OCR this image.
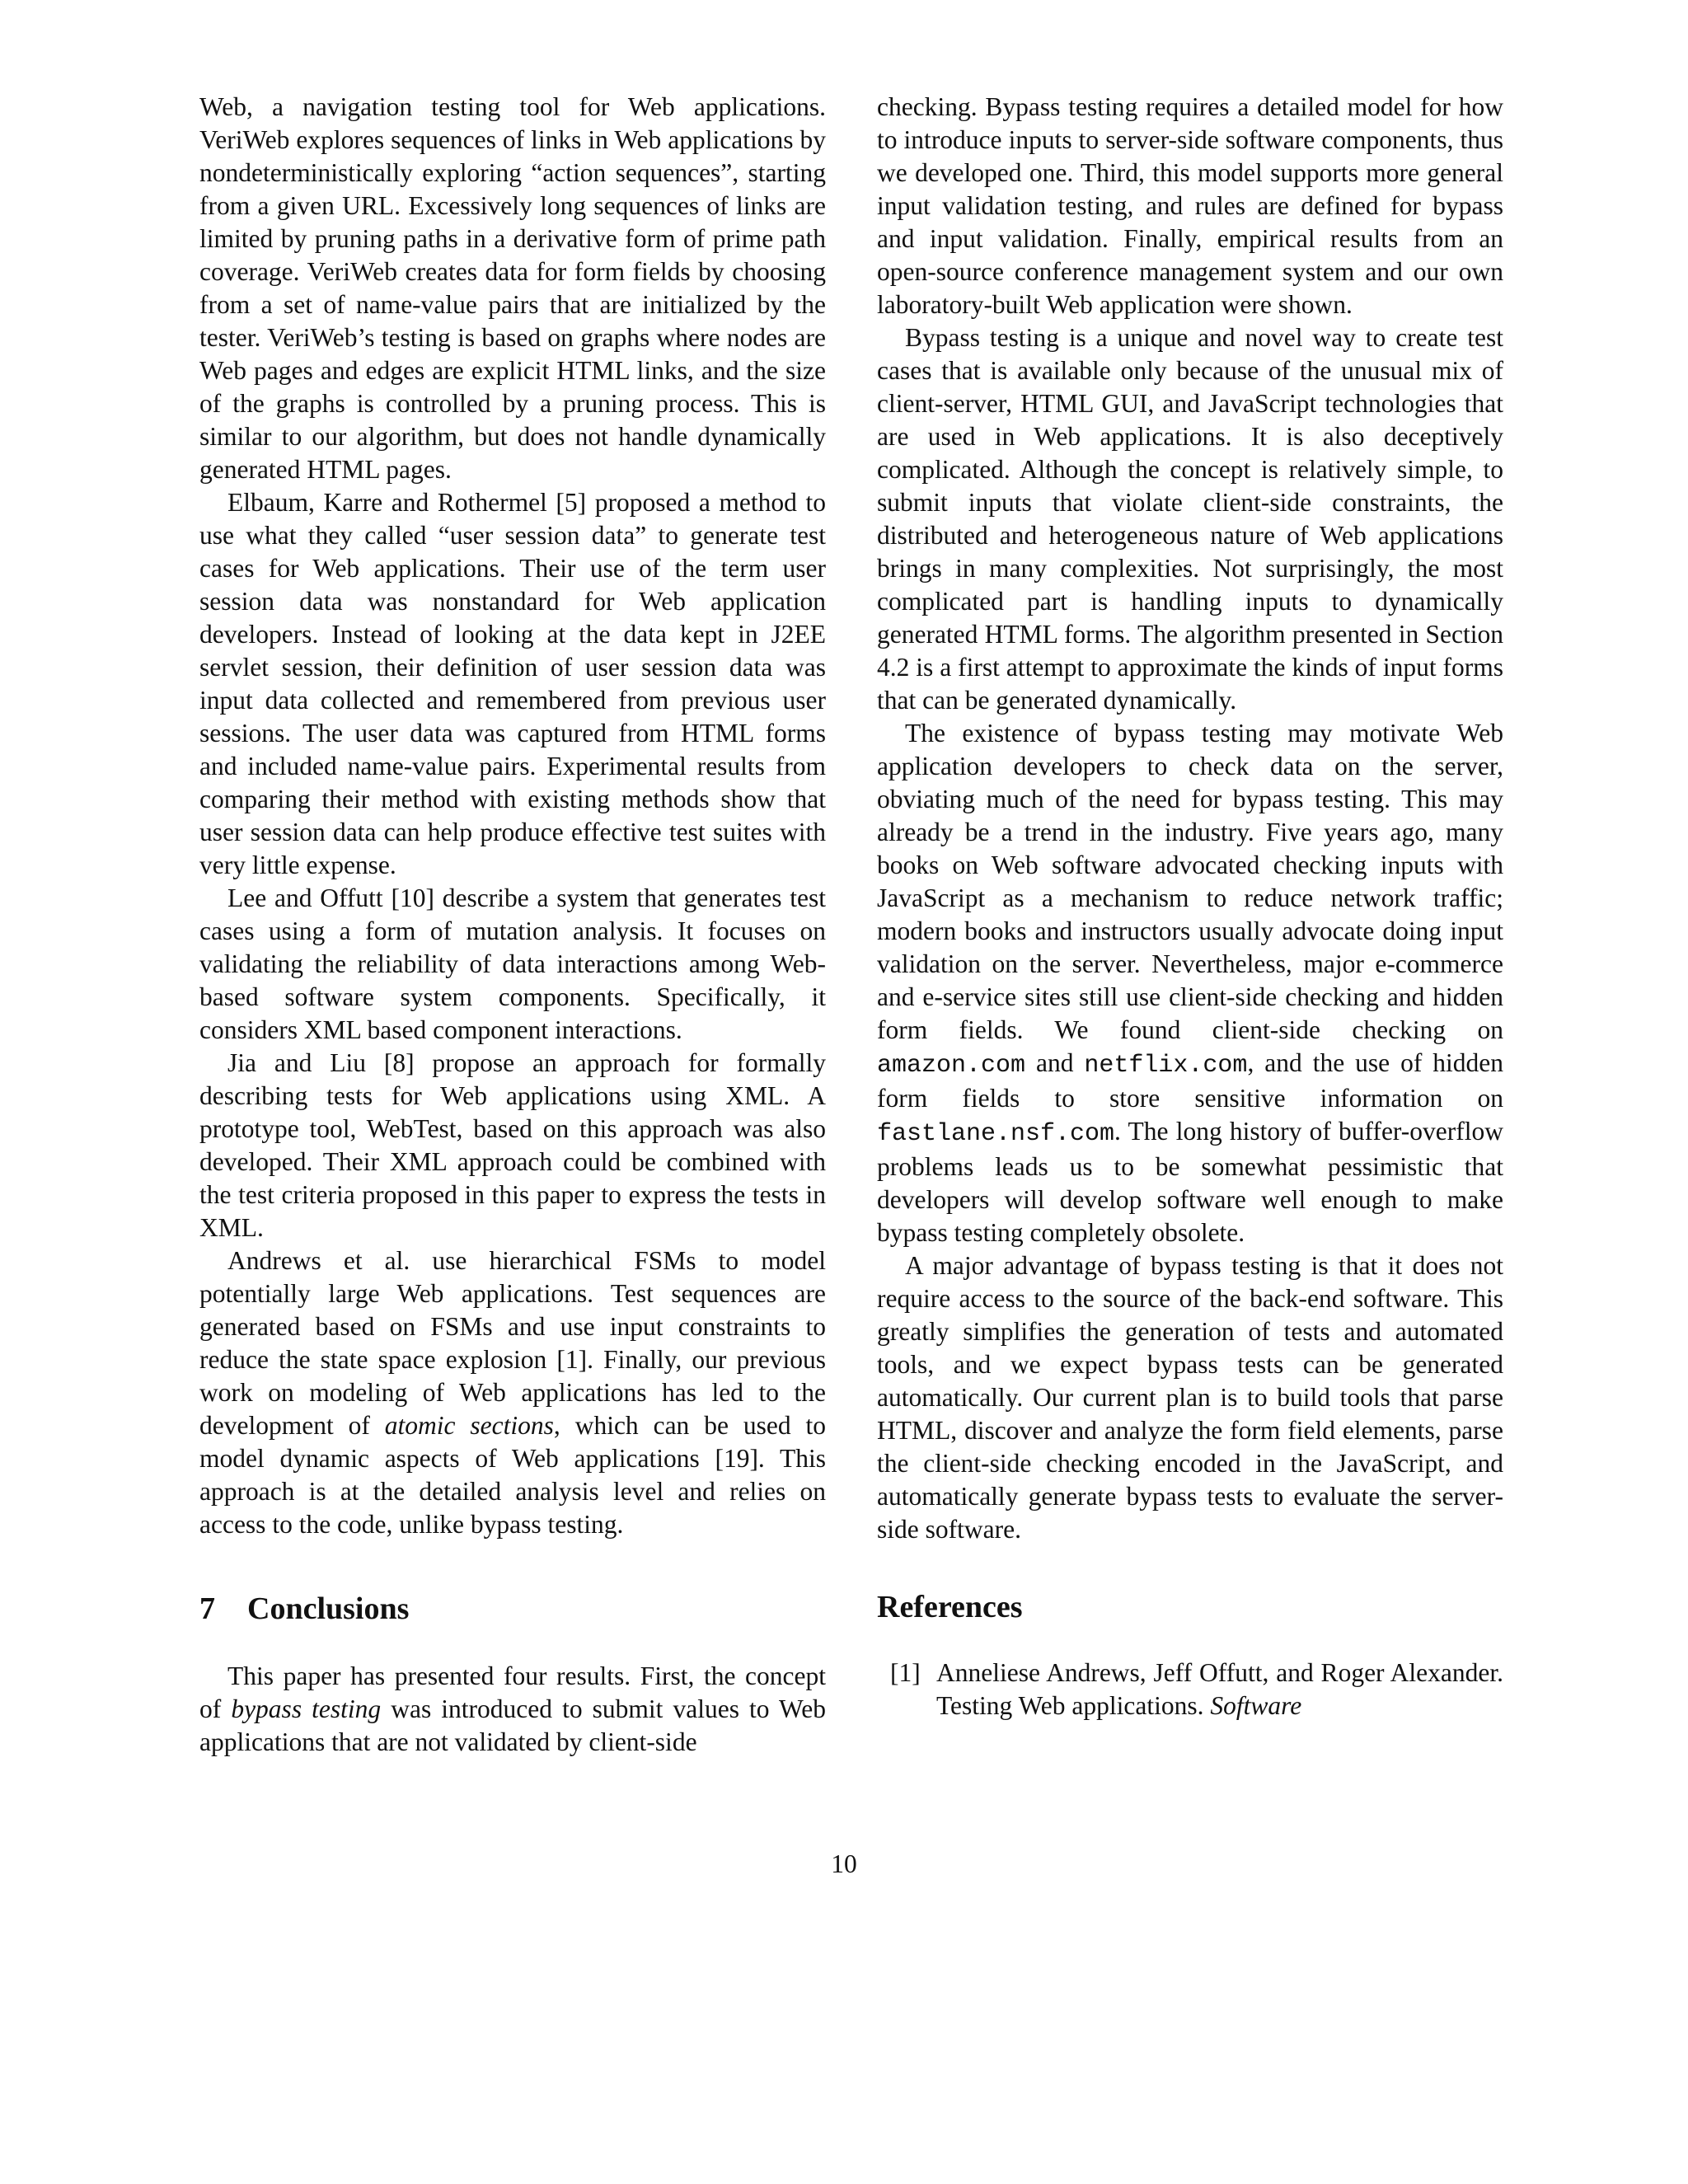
Web, a navigation testing tool for Web applications. VeriWeb explores sequences of links in Web applications by nondeterministically exploring “action sequences”, starting from a given URL. Excessively long sequences of links are limited by pruning paths in a derivative form of prime path coverage. VeriWeb creates data for form fields by choosing from a set of name-value pairs that are initialized by the tester. VeriWeb’s testing is based on graphs where nodes are Web pages and edges are explicit HTML links, and the size of the graphs is controlled by a pruning process. This is similar to our algorithm, but does not handle dynamically generated HTML pages.

Elbaum, Karre and Rothermel [5] proposed a method to use what they called “user session data” to generate test cases for Web applications. Their use of the term user session data was nonstandard for Web application developers. Instead of looking at the data kept in J2EE servlet session, their definition of user session data was input data collected and remembered from previous user sessions. The user data was captured from HTML forms and included name-value pairs. Experimental results from comparing their method with existing methods show that user session data can help produce effective test suites with very little expense.

Lee and Offutt [10] describe a system that generates test cases using a form of mutation analysis. It focuses on validating the reliability of data interactions among Web-based software system components. Specifically, it considers XML based component interactions.

Jia and Liu [8] propose an approach for formally describing tests for Web applications using XML. A prototype tool, WebTest, based on this approach was also developed. Their XML approach could be combined with the test criteria proposed in this paper to express the tests in XML.

Andrews et al. use hierarchical FSMs to model potentially large Web applications. Test sequences are generated based on FSMs and use input constraints to reduce the state space explosion [1]. Finally, our previous work on modeling of Web applications has led to the development of atomic sections, which can be used to model dynamic aspects of Web applications [19]. This approach is at the detailed analysis level and relies on access to the code, unlike bypass testing.

7 Conclusions

This paper has presented four results. First, the concept of bypass testing was introduced to submit values to Web applications that are not validated by client-side

checking. Bypass testing requires a detailed model for how to introduce inputs to server-side software components, thus we developed one. Third, this model supports more general input validation testing, and rules are defined for bypass and input validation. Finally, empirical results from an open-source conference management system and our own laboratory-built Web application were shown.

Bypass testing is a unique and novel way to create test cases that is available only because of the unusual mix of client-server, HTML GUI, and JavaScript technologies that are used in Web applications. It is also deceptively complicated. Although the concept is relatively simple, to submit inputs that violate client-side constraints, the distributed and heterogeneous nature of Web applications brings in many complexities. Not surprisingly, the most complicated part is handling inputs to dynamically generated HTML forms. The algorithm presented in Section 4.2 is a first attempt to approximate the kinds of input forms that can be generated dynamically.

The existence of bypass testing may motivate Web application developers to check data on the server, obviating much of the need for bypass testing. This may already be a trend in the industry. Five years ago, many books on Web software advocated checking inputs with JavaScript as a mechanism to reduce network traffic; modern books and instructors usually advocate doing input validation on the server. Nevertheless, major e-commerce and e-service sites still use client-side checking and hidden form fields. We found client-side checking on amazon.com and netflix.com, and the use of hidden form fields to store sensitive information on fastlane.nsf.com. The long history of buffer-overflow problems leads us to be somewhat pessimistic that developers will develop software well enough to make bypass testing completely obsolete.

A major advantage of bypass testing is that it does not require access to the source of the back-end software. This greatly simplifies the generation of tests and automated tools, and we expect bypass tests can be generated automatically. Our current plan is to build tools that parse HTML, discover and analyze the form field elements, parse the client-side checking encoded in the JavaScript, and automatically generate bypass tests to evaluate the server-side software.

References

[1] Anneliese Andrews, Jeff Offutt, and Roger Alexander. Testing Web applications. Software

10
